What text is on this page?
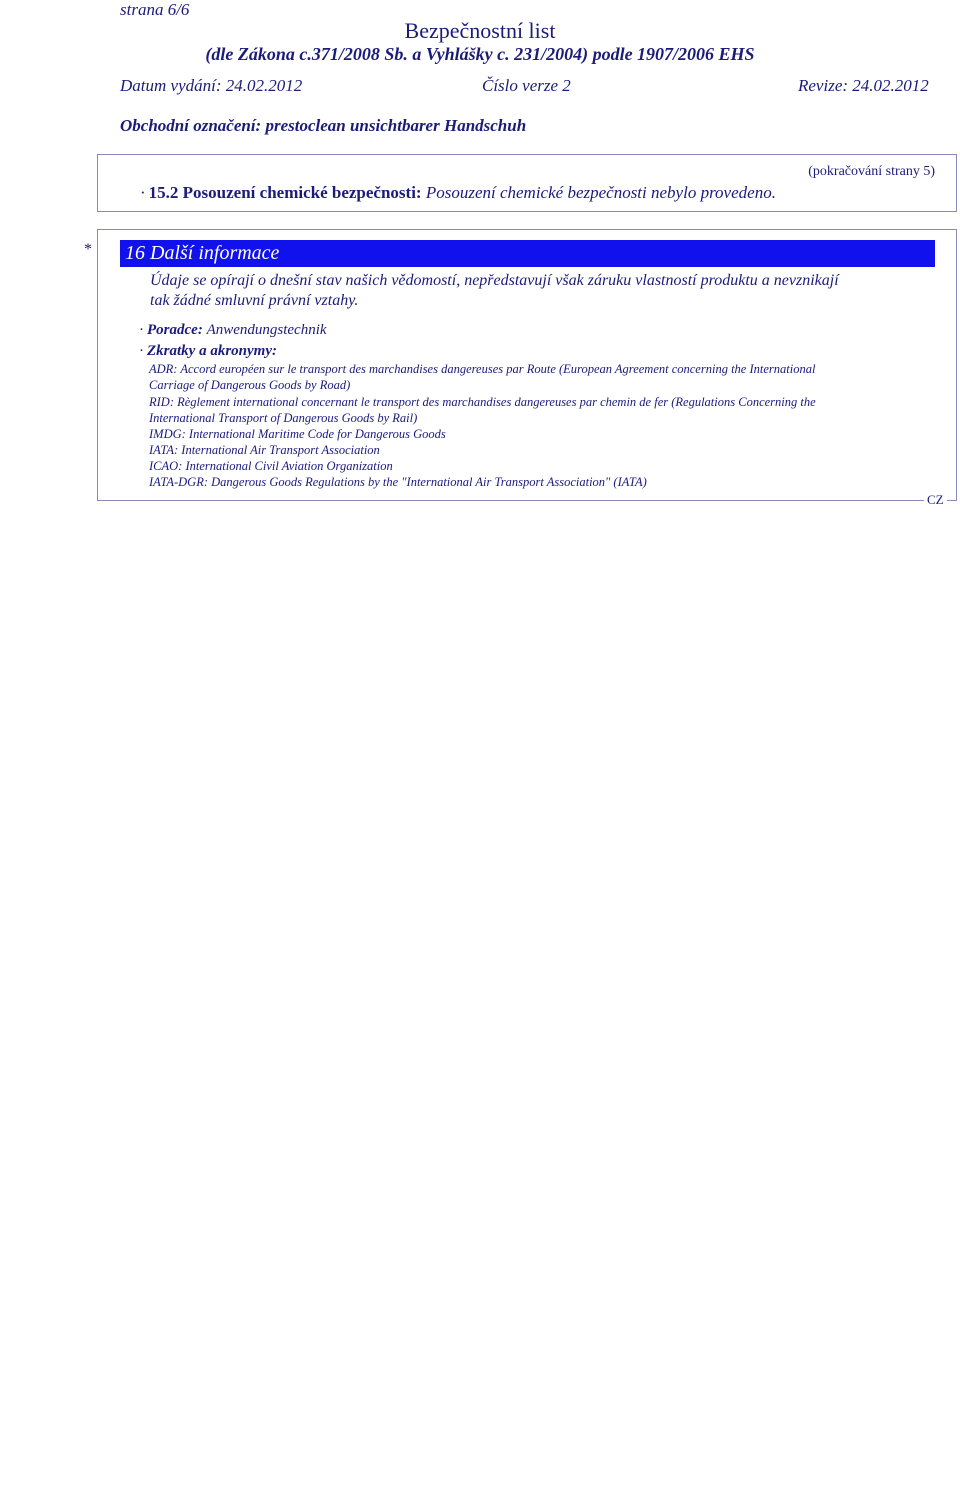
strana 6/6
Bezpečnostní list
(dle Zákona c.371/2008 Sb. a Vyhlášky c. 231/2004) podle 1907/2006 EHS
Datum vydání: 24.02.2012	Číslo verze 2	Revize: 24.02.2012
Obchodní označení: prestoclean unsichtbarer Handschuh
(pokračování strany 5)
· 15.2 Posouzení chemické bezpečnosti: Posouzení chemické bezpečnosti nebylo provedeno.
* 16 Další informace
Údaje se opírají o dnešní stav našich vědomostí, nepředstavují však záruku vlastností produktu a nevznikají
tak žádné smluvní právní vztahy.
· Poradce: Anwendungstechnik
· Zkratky a akronymy:
ADR: Accord européen sur le transport des marchandises dangereuses par Route (European Agreement concerning the International
Carriage of Dangerous Goods by Road)
RID: Règlement international concernant le transport des marchandises dangereuses par chemin de fer (Regulations Concerning the
International Transport of Dangerous Goods by Rail)
IMDG: International Maritime Code for Dangerous Goods
IATA: International Air Transport Association
ICAO: International Civil Aviation Organization
IATA-DGR: Dangerous Goods Regulations by the "International Air Transport Association" (IATA)
CZ
